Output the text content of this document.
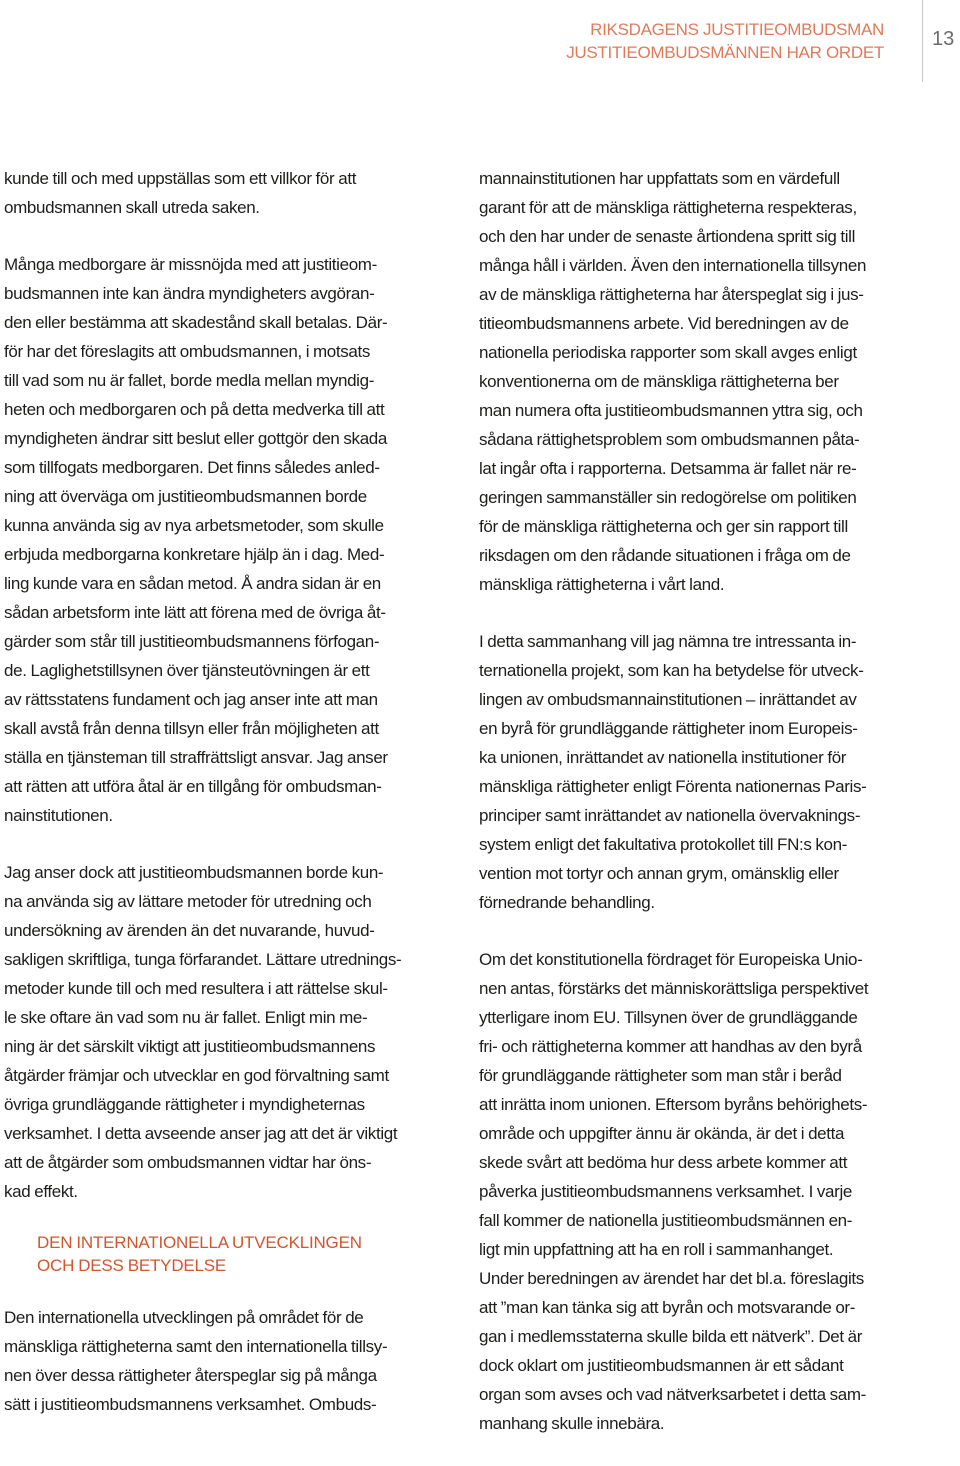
RIKSDAGENS JUSTITIEOMBUDSMAN
JUSTITIEOMBUDSMÄNNEN HAR ORDET
13

kunde till och med uppställas som ett villkor för att
ombudsmannen skall utreda saken.

Många medborgare är missnöjda med att justitieom-
budsmannen inte kan ändra myndigheters avgöran-
den eller bestämma att skadestånd skall betalas. Där-
för har det föreslagits att ombudsmannen, i motsats
till vad som nu är fallet, borde medla mellan myndig-
heten och medborgaren och på detta medverka till att
myndigheten ändrar sitt beslut eller gottgör den skada
som tillfogats medborgaren. Det finns således anled-
ning att överväga om justitieombudsmannen borde
kunna använda sig av nya arbetsmetoder, som skulle
erbjuda medborgarna konkretare hjälp än i dag. Med-
ling kunde vara en sådan metod. Å andra sidan är en
sådan arbetsform inte lätt att förena med de övriga åt-
gärder som står till justitieombudsmannens förfogan-
de. Laglighetstillsynen över tjänsteutövningen är ett
av rättsstatens fundament och jag anser inte att man
skall avstå från denna tillsyn eller från möjligheten att
ställa en tjänsteman till straffrättsligt ansvar. Jag anser
att rätten att utföra åtal är en tillgång för ombudsman-
nainstitutionen.

Jag anser dock att justitieombudsmannen borde kun-
na använda sig av lättare metoder för utredning och
undersökning av ärenden än det nuvarande, huvud-
sakligen skriftliga, tunga förfarandet. Lättare utrednings-
metoder kunde till och med resultera i att rättelse skul-
le ske oftare än vad som nu är fallet. Enligt min me-
ning är det särskilt viktigt att justitieombudsmannens
åtgärder främjar och utvecklar en god förvaltning samt
övriga grundläggande rättigheter i myndigheternas
verksamhet. I detta avseende anser jag att det är viktigt
att de åtgärder som ombudsmannen vidtar har öns-
kad effekt.

DEN INTERNATIONELLA UTVECKLINGEN
OCH DESS BETYDELSE

Den internationella utvecklingen på området för de
mänskliga rättigheterna samt den internationella tillsy-
nen över dessa rättigheter återspeglar sig på många
sätt i justitieombudsmannens verksamhet. Ombuds-

mannainstitutionen har uppfattats som en värdefull
garant för att de mänskliga rättigheterna respekteras,
och den har under de senaste årtiondena spritt sig till
många håll i världen. Även den internationella tillsynen
av de mänskliga rättigheterna har återspeglat sig i jus-
titieombudsmannens arbete. Vid beredningen av de
nationella periodiska rapporter som skall avges enligt
konventionerna om de mänskliga rättigheterna ber
man numera ofta justitieombudsmannen yttra sig, och
sådana rättighetsproblem som ombudsmannen påta-
lat ingår ofta i rapporterna. Detsamma är fallet när re-
geringen sammanställer sin redogörelse om politiken
för de mänskliga rättigheterna och ger sin rapport till
riksdagen om den rådande situationen i fråga om de
mänskliga rättigheterna i vårt land.

I detta sammanhang vill jag nämna tre intressanta in-
ternationella projekt, som kan ha betydelse för utveck-
lingen av ombudsmannainstitutionen – inrättandet av
en byrå för grundläggande rättigheter inom Europeis-
ka unionen, inrättandet av nationella institutioner för
mänskliga rättigheter enligt Förenta nationernas Paris-
principer samt inrättandet av nationella övervaknings-
system enligt det fakultativa protokollet till FN:s kon-
vention mot tortyr och annan grym, omänsklig eller
förnedrande behandling.

Om det konstitutionella fördraget för Europeiska Unio-
nen antas, förstärks det människorättsliga perspektivet
ytterligare inom EU. Tillsynen över de grundläggande
fri- och rättigheterna kommer att handhas av den byrå
för grundläggande rättigheter som man står i beråd
att inrätta inom unionen. Eftersom byråns behörighets-
område och uppgifter ännu är okända, är det i detta
skede svårt att bedöma hur dess arbete kommer att
påverka justitieombudsmannens verksamhet. I varje
fall kommer de nationella justitieombudsmännen en-
ligt min uppfattning att ha en roll i sammanhanget.
Under beredningen av ärendet har det bl.a. föreslagits
att ”man kan tänka sig att byrån och motsvarande or-
gan i medlemsstaterna skulle bilda ett nätverk”. Det är
dock oklart om justitieombudsmannen är ett sådant
organ som avses och vad nätverksarbetet i detta sam-
manhang skulle innebära.
